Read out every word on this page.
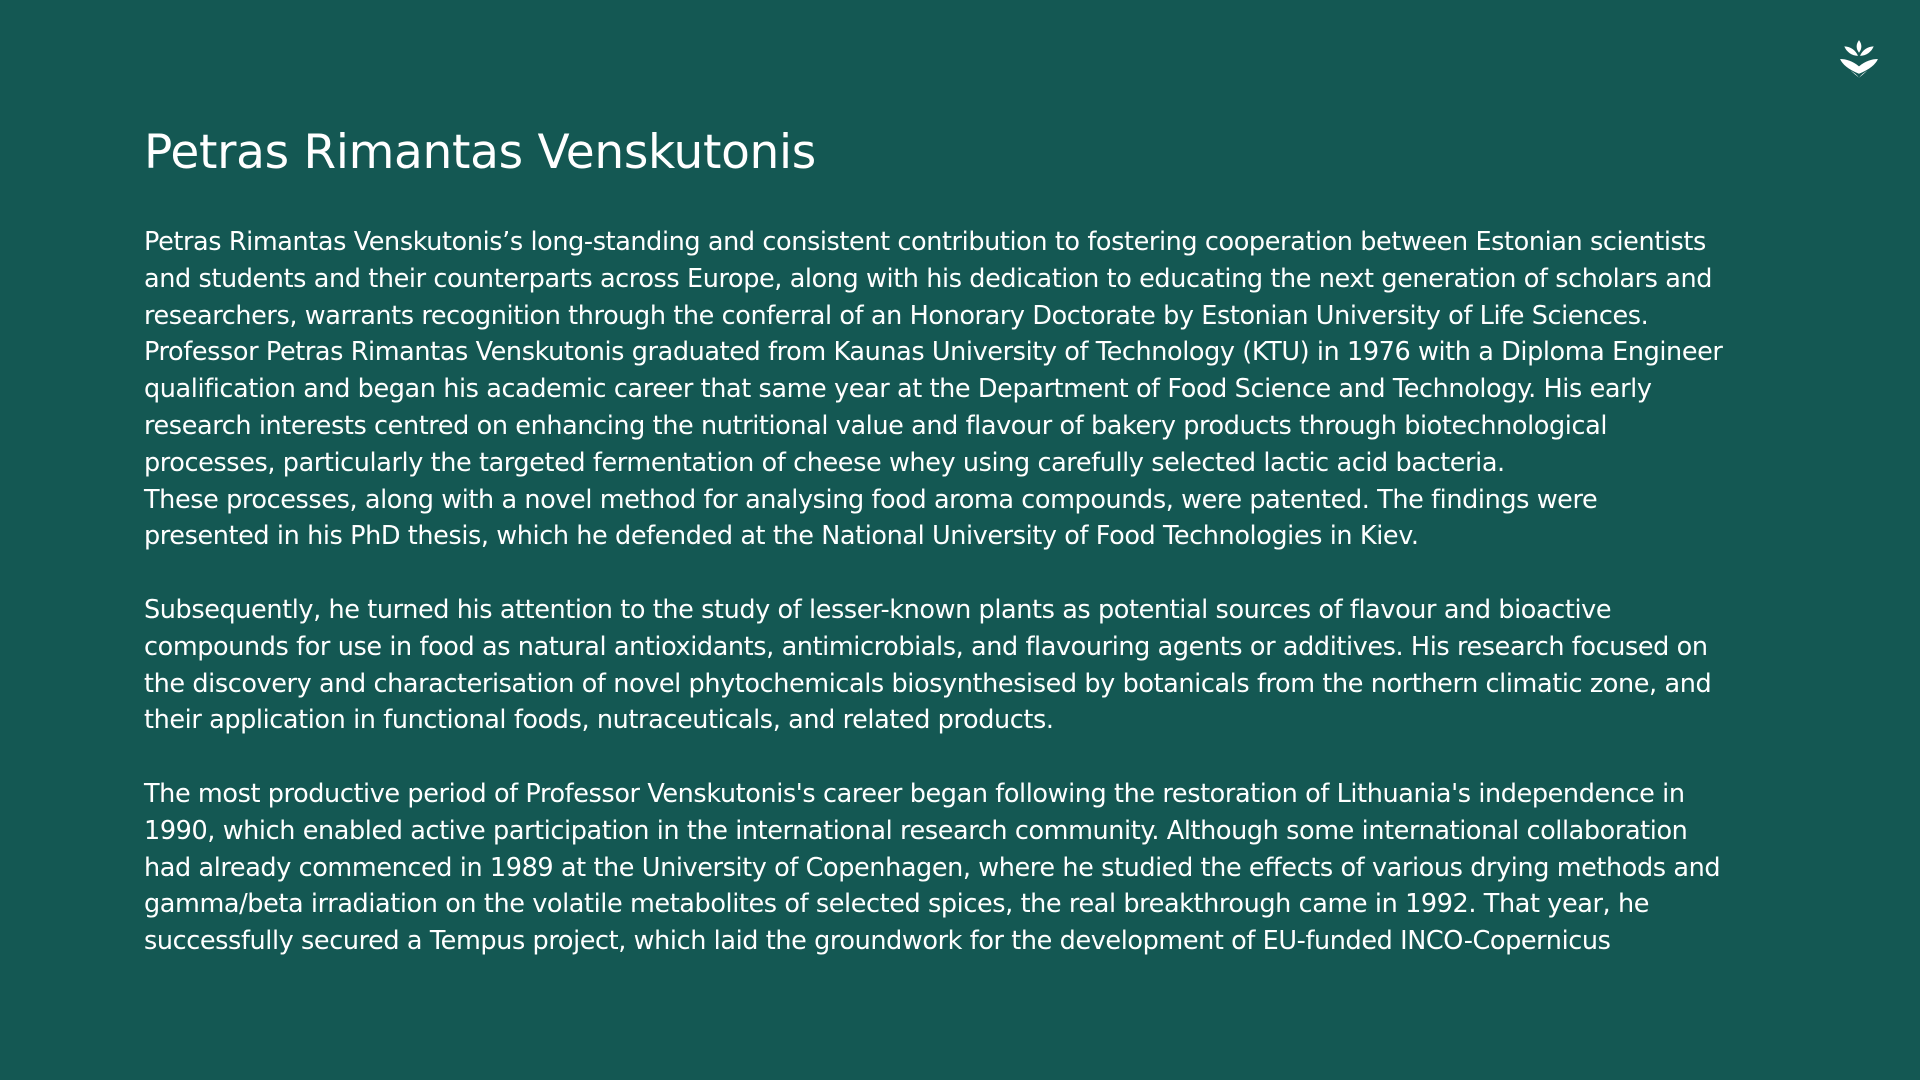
Petras Rimantas Venskutonis

Petras Rimantas Venskutonis’s long-standing and consistent contribution to fostering cooperation between Estonian scientists
and students and their counterparts across Europe, along with his dedication to educating the next generation of scholars and
researchers, warrants recognition through the conferral of an Honorary Doctorate by Estonian University of Life Sciences.
Professor Petras Rimantas Venskutonis graduated from Kaunas University of Technology (KTU) in 1976 with a Diploma Engineer
qualification and began his academic career that same year at the Department of Food Science and Technology. His early
research interests centred on enhancing the nutritional value and flavour of bakery products through biotechnological
processes, particularly the targeted fermentation of cheese whey using carefully selected lactic acid bacteria.
These processes, along with a novel method for analysing food aroma compounds, were patented. The findings were
presented in his PhD thesis, which he defended at the National University of Food Technologies in Kiev.

Subsequently, he turned his attention to the study of lesser-known plants as potential sources of flavour and bioactive
compounds for use in food as natural antioxidants, antimicrobials, and flavouring agents or additives. His research focused on
the discovery and characterisation of novel phytochemicals biosynthesised by botanicals from the northern climatic zone, and
their application in functional foods, nutraceuticals, and related products.

The most productive period of Professor Venskutonis's career began following the restoration of Lithuania's independence in
1990, which enabled active participation in the international research community. Although some international collaboration
had already commenced in 1989 at the University of Copenhagen, where he studied the effects of various drying methods and
gamma/beta irradiation on the volatile metabolites of selected spices, the real breakthrough came in 1992. That year, he
successfully secured a Tempus project, which laid the groundwork for the development of EU-funded INCO-Copernicus
